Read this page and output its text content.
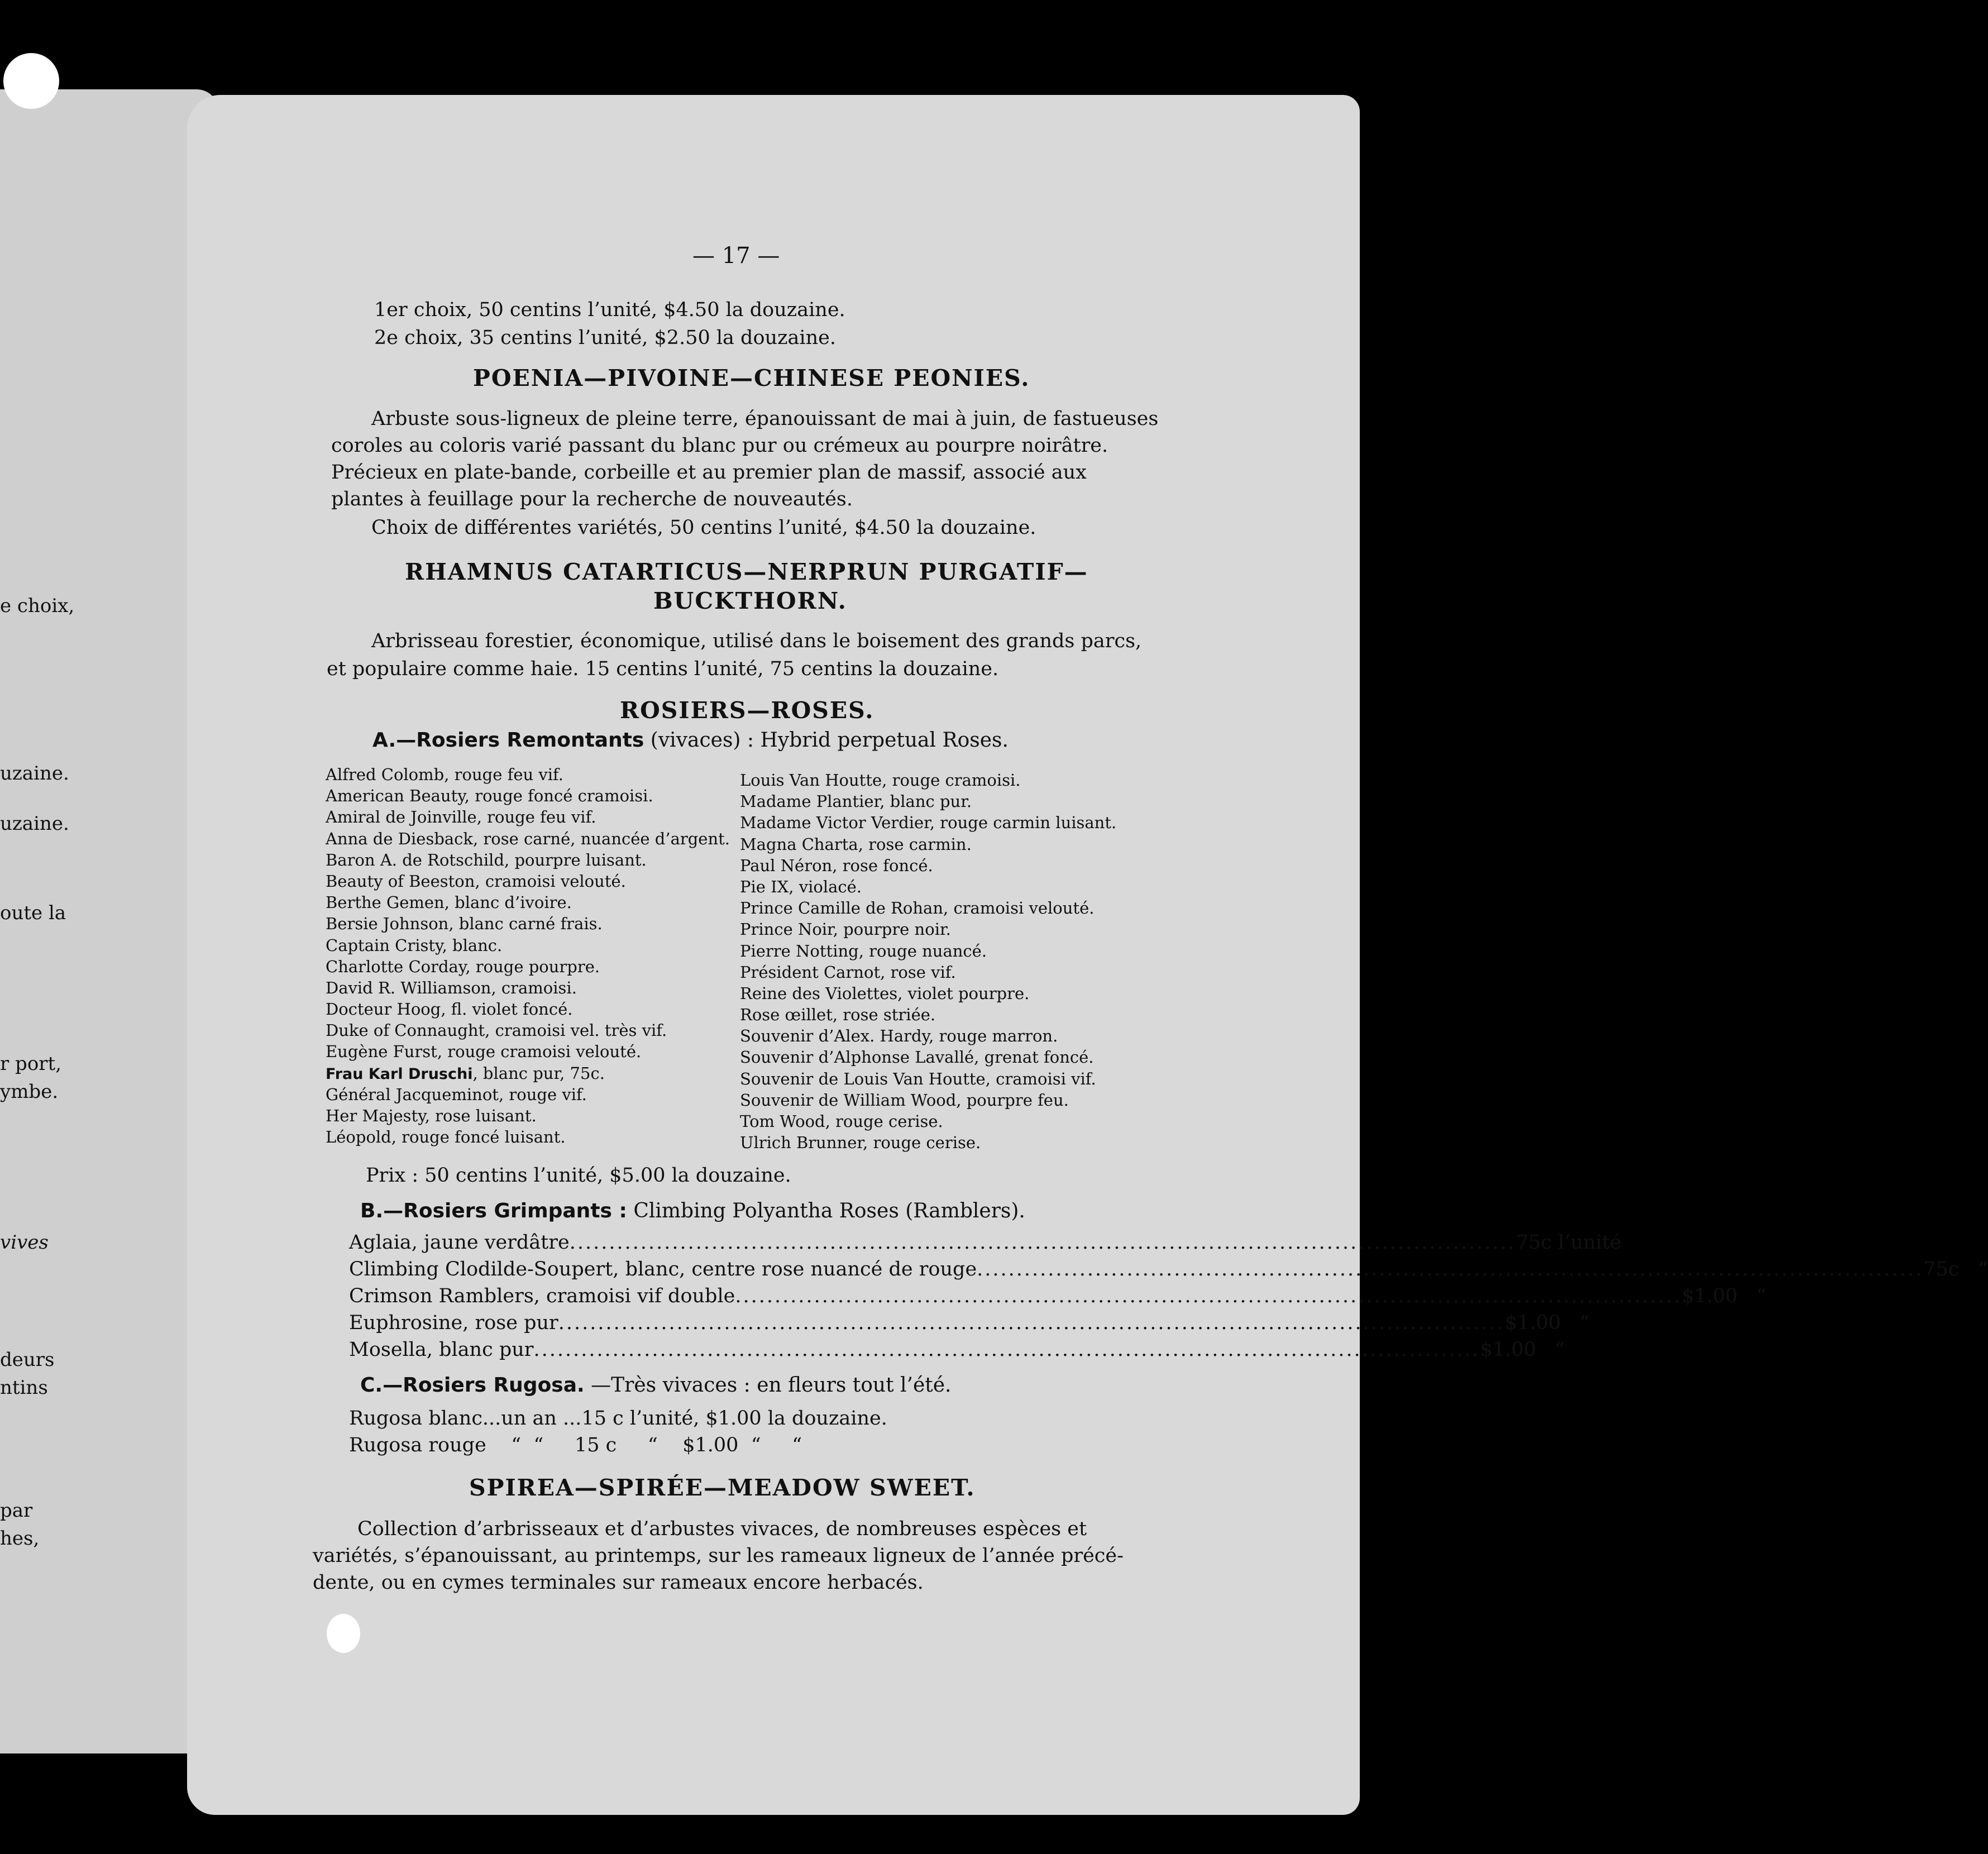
e choix,
uzaine.
uzaine.
oute la
r port,
ymbe.
vives
deurs
ntins
par
hes,
— 17 —
1er choix, 50 centins l’unité, $4.50 la douzaine.
2e choix, 35 centins l’unité, $2.50 la douzaine.
POENIA—PIVOINE—CHINESE PEONIES.
Arbuste sous-ligneux de pleine terre, épanouissant de mai à juin, de fastueuses
coroles au coloris varié passant du blanc pur ou crémeux au pourpre noirâtre.
Précieux en plate-bande, corbeille et au premier plan de massif, associé aux
plantes à feuillage pour la recherche de nouveautés.
Choix de différentes variétés, 50 centins l’unité, $4.50 la douzaine.
RHAMNUS CATARTICUS—NERPRUN PURGATIF—
BUCKTHORN.
Arbrisseau forestier, économique, utilisé dans le boisement des grands parcs,
et populaire comme haie. 15 centins l’unité, 75 centins la douzaine.
ROSIERS—ROSES.
A.—Rosiers Remontants (vivaces) : Hybrid perpetual Roses.
Alfred Colomb, rouge feu vif.
American Beauty, rouge foncé cramoisi.
Amiral de Joinville, rouge feu vif.
Anna de Diesback, rose carné, nuancée d’argent.
Baron A. de Rotschild, pourpre luisant.
Beauty of Beeston, cramoisi velouté.
Berthe Gemen, blanc d’ivoire.
Bersie Johnson, blanc carné frais.
Captain Cristy, blanc.
Charlotte Corday, rouge pourpre.
David R. Williamson, cramoisi.
Docteur Hoog, fl. violet foncé.
Duke of Connaught, cramoisi vel. très vif.
Eugène Furst, rouge cramoisi velouté.
Frau Karl Druschi, blanc pur, 75c.
Général Jacqueminot, rouge vif.
Her Majesty, rose luisant.
Léopold, rouge foncé luisant.
Louis Van Houtte, rouge cramoisi.
Madame Plantier, blanc pur.
Madame Victor Verdier, rouge carmin luisant.
Magna Charta, rose carmin.
Paul Néron, rose foncé.
Pie IX, violacé.
Prince Camille de Rohan, cramoisi velouté.
Prince Noir, pourpre noir.
Pierre Notting, rouge nuancé.
Président Carnot, rose vif.
Reine des Violettes, violet pourpre.
Rose œillet, rose striée.
Souvenir d’Alex. Hardy, rouge marron.
Souvenir d’Alphonse Lavallé, grenat foncé.
Souvenir de Louis Van Houtte, cramoisi vif.
Souvenir de William Wood, pourpre feu.
Tom Wood, rouge cerise.
Ulrich Brunner, rouge cerise.
Prix : 50 centins l’unité, $5.00 la douzaine.
B.—Rosiers Grimpants : Climbing Polyantha Roses (Ramblers).
Aglaia, jaune verdâtre ........................................................................................................................ 75c l’unité
Climbing Clodilde-Soupert, blanc, centre rose nuancé de rouge ........................................................................................................................ 75c   “
Crimson Ramblers, cramoisi vif double ........................................................................................................................ $1.00   “
Euphrosine, rose pur ........................................................................................................................ $1.00   “
Mosella, blanc pur ........................................................................................................................ $1.00   “
C.—Rosiers Rugosa. —Très vivaces : en fleurs tout l’été.
Rugosa blanc...un an ...15 c l’unité, $1.00 la douzaine.
Rugosa rouge    “  “     15 c     “    $1.00  “     “
SPIREA—SPIRÉE—MEADOW SWEET.
Collection d’arbrisseaux et d’arbustes vivaces, de nombreuses espèces et
variétés, s’épanouissant, au printemps, sur les rameaux ligneux de l’année précé-
dente, ou en cymes terminales sur rameaux encore herbacés.
